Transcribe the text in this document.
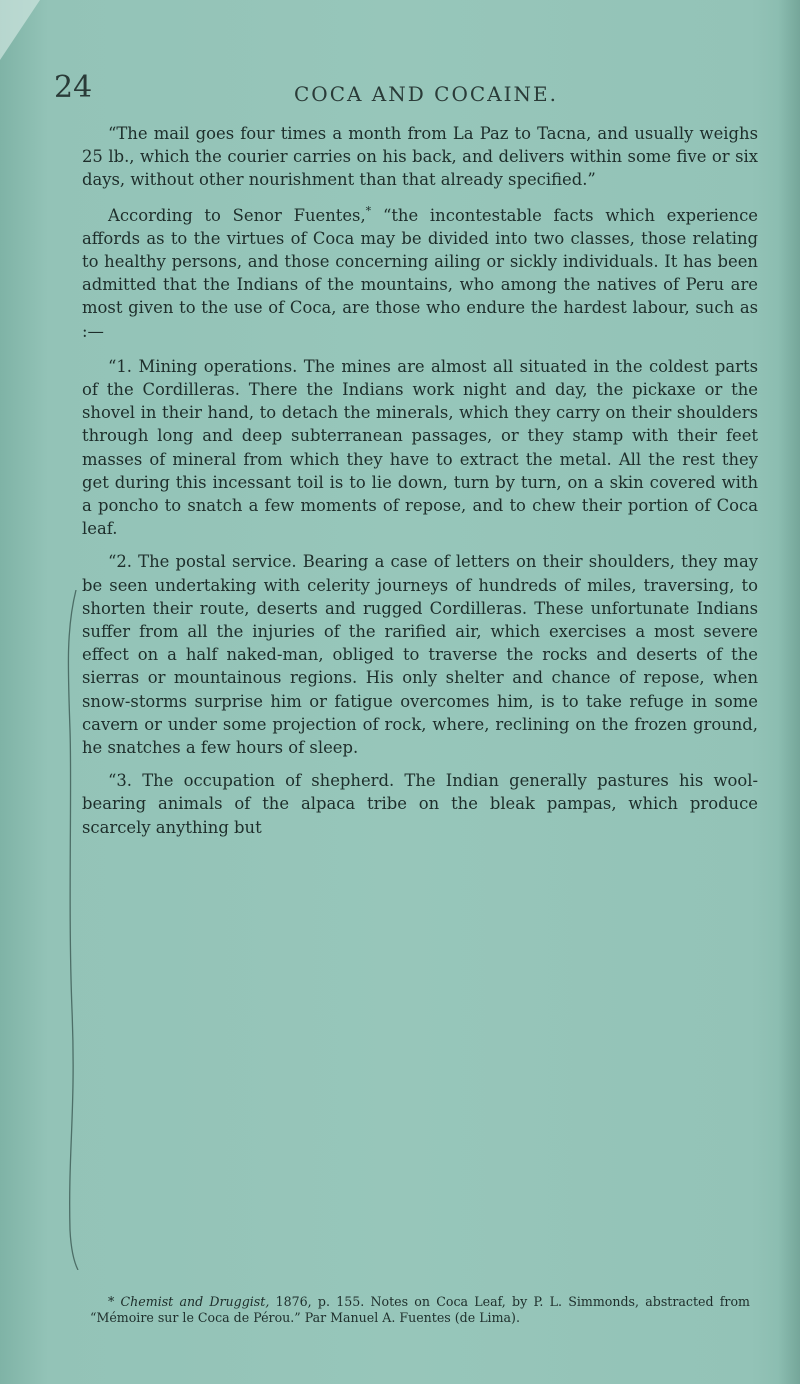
24	COCA AND COCAINE.

“The mail goes four times a month from La Paz to Tacna, and usually weighs 25 lb., which the courier carries on his back, and delivers within some five or six days, without other nourishment than that already specified.”

According to Senor Fuentes,* “the incontestable facts which experience affords as to the virtues of Coca may be divided into two classes, those relating to healthy persons, and those concerning ailing or sickly individuals. It has been admitted that the Indians of the mountains, who among the natives of Peru are most given to the use of Coca, are those who endure the hardest labour, such as :—

“1. Mining operations. The mines are almost all situated in the coldest parts of the Cordilleras. There the Indians work night and day, the pickaxe or the shovel in their hand, to detach the minerals, which they carry on their shoulders through long and deep subterranean passages, or they stamp with their feet masses of mineral from which they have to extract the metal. All the rest they get during this incessant toil is to lie down, turn by turn, on a skin covered with a poncho to snatch a few moments of repose, and to chew their portion of Coca leaf.

“2. The postal service. Bearing a case of letters on their shoulders, they may be seen undertaking with celerity journeys of hundreds of miles, traversing, to shorten their route, deserts and rugged Cordilleras. These unfortunate Indians suffer from all the injuries of the rarified air, which exercises a most severe effect on a half naked-man, obliged to traverse the rocks and deserts of the sierras or mountainous regions. His only shelter and chance of repose, when snow-storms surprise him or fatigue overcomes him, is to take refuge in some cavern or under some projection of rock, where, reclining on the frozen ground, he snatches a few hours of sleep.

“3. The occupation of shepherd. The Indian generally pastures his wool-bearing animals of the alpaca tribe on the bleak pampas, which produce scarcely anything but

* Chemist and Druggist, 1876, p. 155. Notes on Coca Leaf, by P. L. Simmonds, abstracted from “Mémoire sur le Coca de Pérou.” Par Manuel A. Fuentes (de Lima).
